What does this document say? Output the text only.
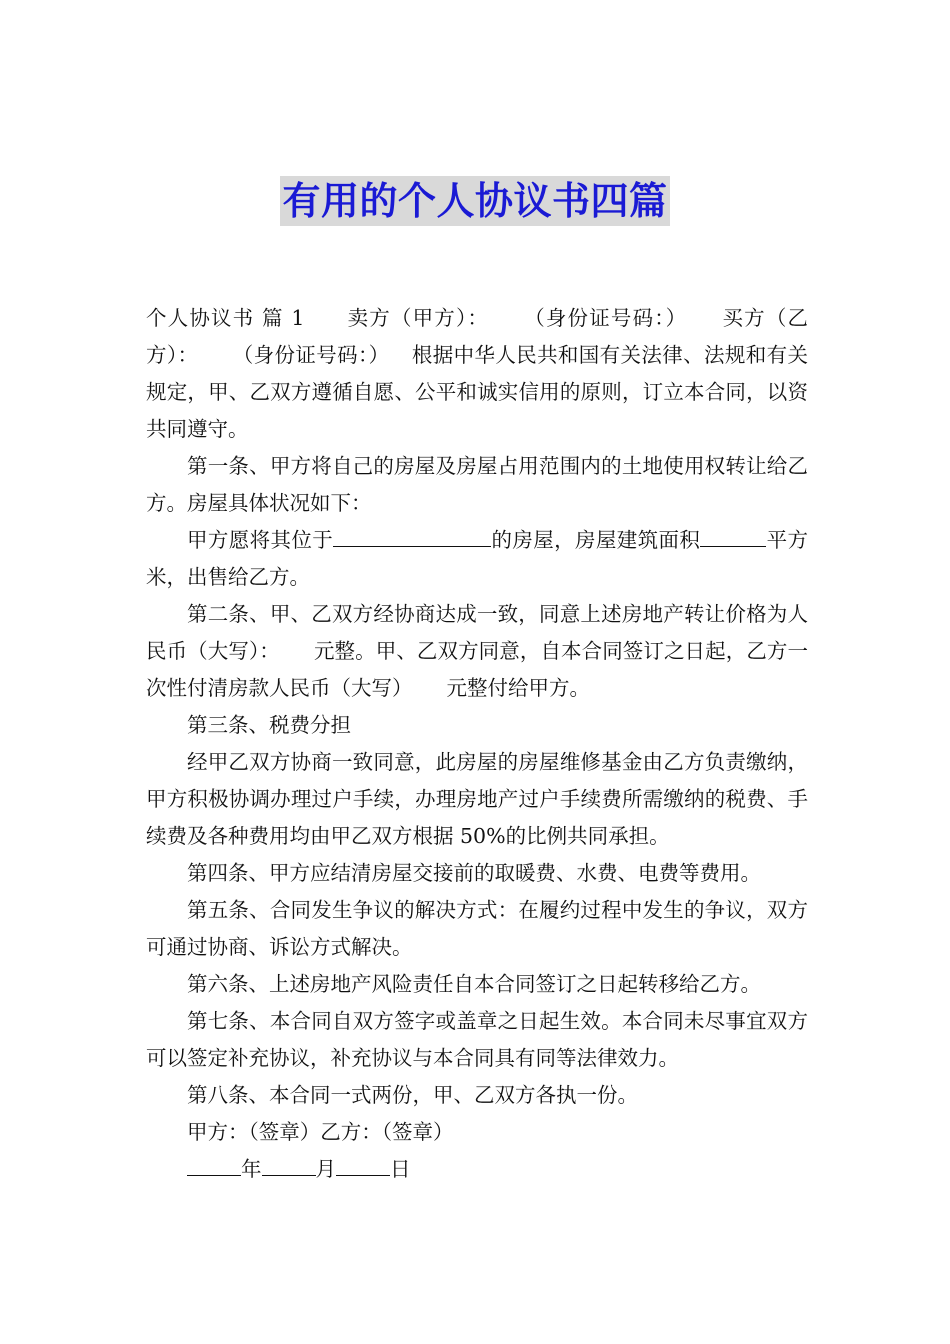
有用的个人协议书四篇

个人协议书 篇 1 卖方（甲方）： （身份证号码：） 买方（乙方）： （身份证号码：） 根据中华人民共和国有关法律、法规和有关规定，甲、乙双方遵循自愿、公平和诚实信用的原则，订立本合同，以资共同遵守。

第一条、甲方将自己的房屋及房屋占用范围内的土地使用权转让给乙方。房屋具体状况如下：

甲方愿将其位于	的房屋，房屋建筑面积	平方米，出售给乙方。

第二条、甲、乙双方经协商达成一致，同意上述房地产转让价格为人民币（大写）： 元整。甲、乙双方同意，自本合同签订之日起，乙方一次性付清房款人民币（大写） 元整付给甲方。

第三条、税费分担

经甲乙双方协商一致同意，此房屋的房屋维修基金由乙方负责缴纳，甲方积极协调办理过户手续，办理房地产过户手续费所需缴纳的税费、手续费及各种费用均由甲乙双方根据 50%的比例共同承担。

第四条、甲方应结清房屋交接前的取暖费、水费、电费等费用。

第五条、合同发生争议的解决方式：在履约过程中发生的争议，双方可通过协商、诉讼方式解决。

第六条、上述房地产风险责任自本合同签订之日起转移给乙方。

第七条、本合同自双方签字或盖章之日起生效。本合同未尽事宜双方可以签定补充协议，补充协议与本合同具有同等法律效力。

第八条、本合同一式两份，甲、乙双方各执一份。

甲方：（签章）乙方：（签章）

年	月	日
